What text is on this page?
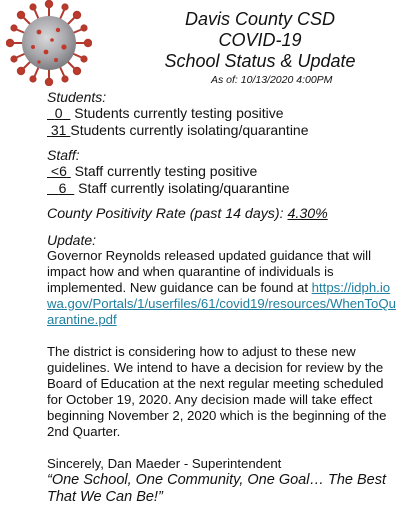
Davis County CSD
COVID-19
School Status & Update
As of: 10/13/2020 4:00PM

Students:

0 Students currently testing positive

31 Students currently isolating/quarantine

Staff:

<6 Staff currently testing positive

6 Staff currently isolating/quarantine

County Positivity Rate (past 14 days): 4.30%

Update:

Governor Reynolds released updated guidance that will impact how and when quarantine of individuals is implemented. New guidance can be found at https://idph.iowa.gov/Portals/1/userfiles/61/covid19/resources/WhenToQuarantine.pdf

The district is considering how to adjust to these new guidelines. We intend to have a decision for review by the Board of Education at the next regular meeting scheduled for October 19, 2020. Any decision made will take effect beginning November 2, 2020 which is the beginning of the 2nd Quarter.

Sincerely, Dan Maeder - Superintendent

“One School, One Community, One Goal… The Best That We Can Be!”
